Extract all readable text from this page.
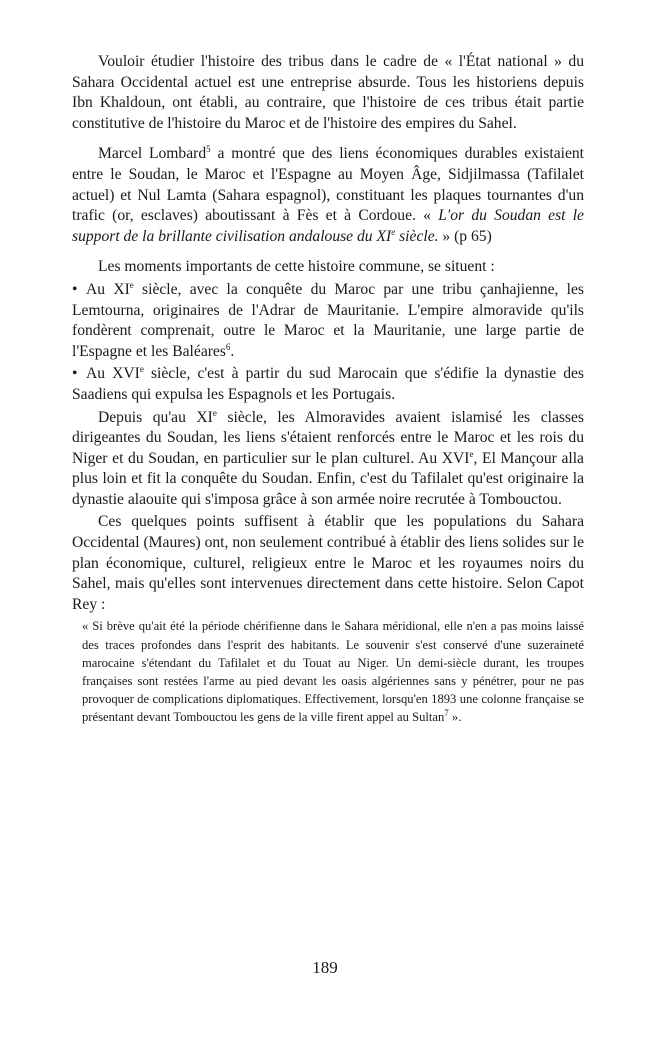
Vouloir étudier l'histoire des tribus dans le cadre de « l'État national » du Sahara Occidental actuel est une entreprise absurde. Tous les historiens depuis Ibn Khaldoun, ont établi, au contraire, que l'histoire de ces tribus était partie constitutive de l'histoire du Maroc et de l'histoire des empires du Sahel.

Marcel Lombard$^5$ a montré que des liens économiques durables existaient entre le Soudan, le Maroc et l'Espagne au Moyen Âge, Sidjilmassa (Tafilalet actuel) et Nul Lamta (Sahara espagnol), constituant les plaques tournantes d'un trafic (or, esclaves) aboutissant à Fès et à Cordoue. « L'or du Soudan est le support de la brillante civilisation andalouse du XIe siècle. » (p 65)

Les moments importants de cette histoire commune, se situent :

• Au XIe siècle, avec la conquête du Maroc par une tribu çanhajienne, les Lemtourna, originaires de l'Adrar de Mauritanie. L'empire almoravide qu'ils fondèrent comprenait, outre le Maroc et la Mauritanie, une large partie de l'Espagne et les Baléares$^6$.

• Au XVIe siècle, c'est à partir du sud Marocain que s'édifie la dynastie des Saadiens qui expulsa les Espagnols et les Portugais.

Depuis qu'au XIe siècle, les Almoravides avaient islamisé les classes dirigeantes du Soudan, les liens s'étaient renforcés entre le Maroc et les rois du Niger et du Soudan, en particulier sur le plan culturel. Au XVIe, El Mançour alla plus loin et fit la conquête du Soudan. Enfin, c'est du Tafilalet qu'est originaire la dynastie alaouite qui s'imposa grâce à son armée noire recrutée à Tombouctou.

Ces quelques points suffisent à établir que les populations du Sahara Occidental (Maures) ont, non seulement contribué à établir des liens solides sur le plan économique, culturel, religieux entre le Maroc et les royaumes noirs du Sahel, mais qu'elles sont intervenues directement dans cette histoire. Selon Capot Rey :

« Si brève qu'ait été la période chérifienne dans le Sahara méridional, elle n'en a pas moins laissé des traces profondes dans l'esprit des habitants. Le souvenir s'est conservé d'une suzeraineté marocaine s'étendant du Tafilalet et du Touat au Niger. Un demi-siècle durant, les troupes françaises sont restées l'arme au pied devant les oasis algériennes sans y pénétrer, pour ne pas provoquer de complications diplomatiques. Effectivement, lorsqu'en 1893 une colonne française se présentant devant Tombouctou les gens de la ville firent appel au Sultan$^7$ ».

189
